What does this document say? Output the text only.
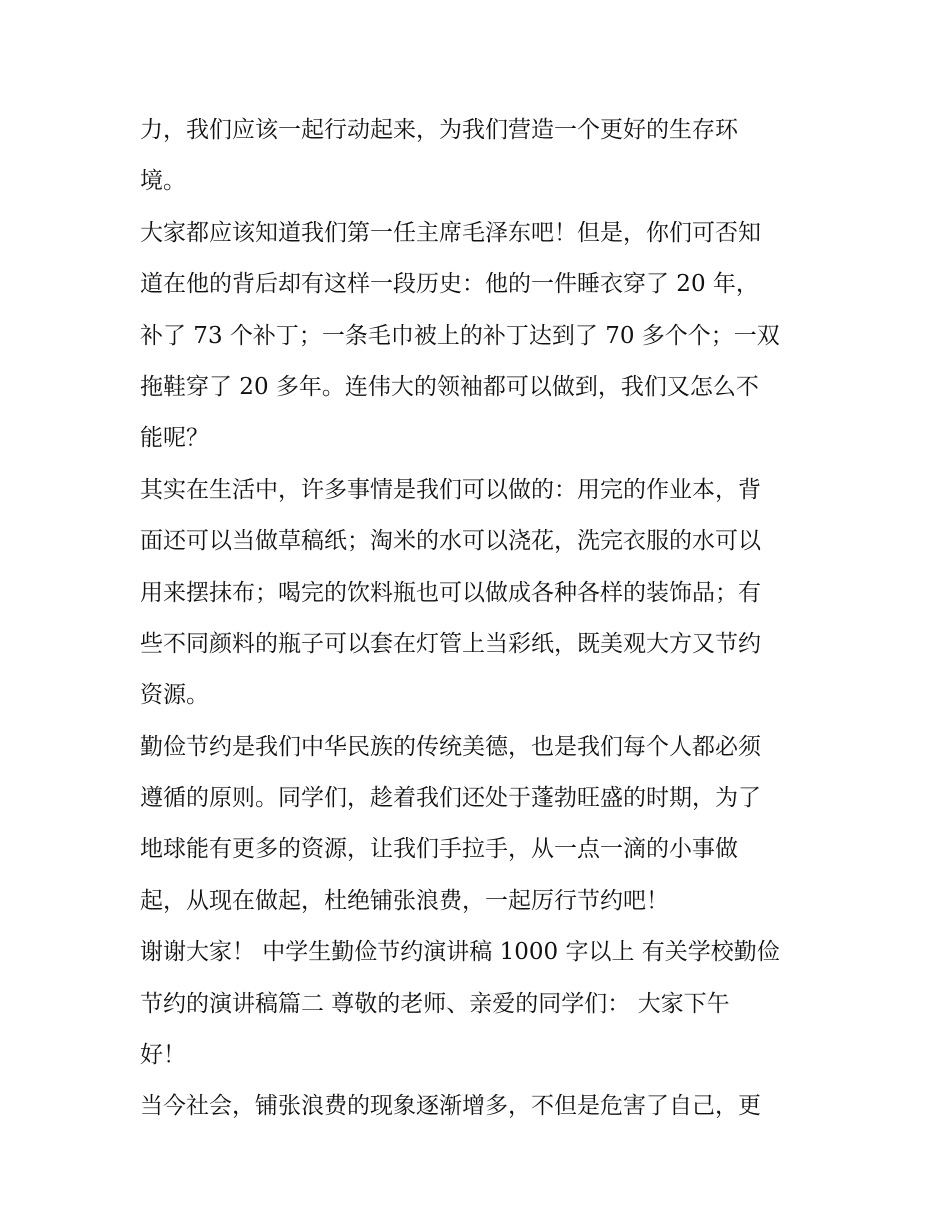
力，我们应该一起行动起来，为我们营造一个更好的生存环

境。

大家都应该知道我们第一任主席毛泽东吧！但是，你们可否知

道在他的背后却有这样一段历史：他的一件睡衣穿了 20 年，

补了 73 个补丁；一条毛巾被上的补丁达到了 70 多个个；一双

拖鞋穿了 20 多年。连伟大的领袖都可以做到，我们又怎么不

能呢？

其实在生活中，许多事情是我们可以做的：用完的作业本，背

面还可以当做草稿纸；淘米的水可以浇花，洗完衣服的水可以

用来摆抹布；喝完的饮料瓶也可以做成各种各样的装饰品；有

些不同颜料的瓶子可以套在灯管上当彩纸，既美观大方又节约

资源。

勤俭节约是我们中华民族的传统美德，也是我们每个人都必须

遵循的原则。同学们，趁着我们还处于蓬勃旺盛的时期，为了

地球能有更多的资源，让我们手拉手，从一点一滴的小事做

起，从现在做起，杜绝铺张浪费，一起厉行节约吧！

谢谢大家！ 中学生勤俭节约演讲稿 1000 字以上 有关学校勤俭

节约的演讲稿篇二 尊敬的老师、亲爱的同学们： 大家下午

好！

当今社会，铺张浪费的现象逐渐增多，不但是危害了自己，更
